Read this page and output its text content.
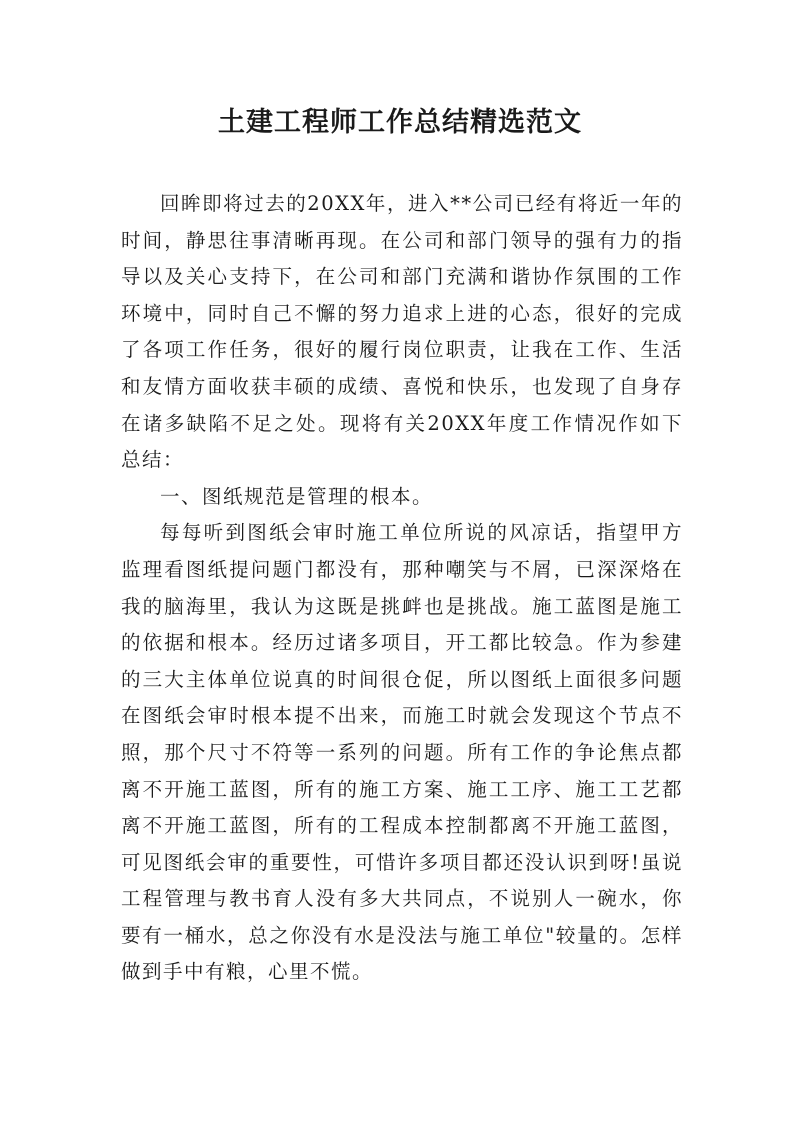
土建工程师工作总结精选范文

回眸即将过去的20XX年，进入**公司已经有将近一年的时间，静思往事清晰再现。在公司和部门领导的强有力的指导以及关心支持下，在公司和部门充满和谐协作氛围的工作环境中，同时自己不懈的努力追求上进的心态，很好的完成了各项工作任务，很好的履行岗位职责，让我在工作、生活和友情方面收获丰硕的成绩、喜悦和快乐，也发现了自身存在诸多缺陷不足之处。现将有关20XX年度工作情况作如下总结：

一、图纸规范是管理的根本。

每每听到图纸会审时施工单位所说的风凉话，指望甲方监理看图纸提问题门都没有，那种嘲笑与不屑，已深深烙在我的脑海里，我认为这既是挑衅也是挑战。施工蓝图是施工的依据和根本。经历过诸多项目，开工都比较急。作为参建的三大主体单位说真的时间很仓促，所以图纸上面很多问题在图纸会审时根本提不出来，而施工时就会发现这个节点不照，那个尺寸不符等一系列的问题。所有工作的争论焦点都离不开施工蓝图，所有的施工方案、施工工序、施工工艺都离不开施工蓝图，所有的工程成本控制都离不开施工蓝图，可见图纸会审的重要性，可惜许多项目都还没认识到呀!虽说工程管理与教书育人没有多大共同点，不说别人一碗水，你要有一桶水，总之你没有水是没法与施工单位"较量的。怎样做到手中有粮，心里不慌。
